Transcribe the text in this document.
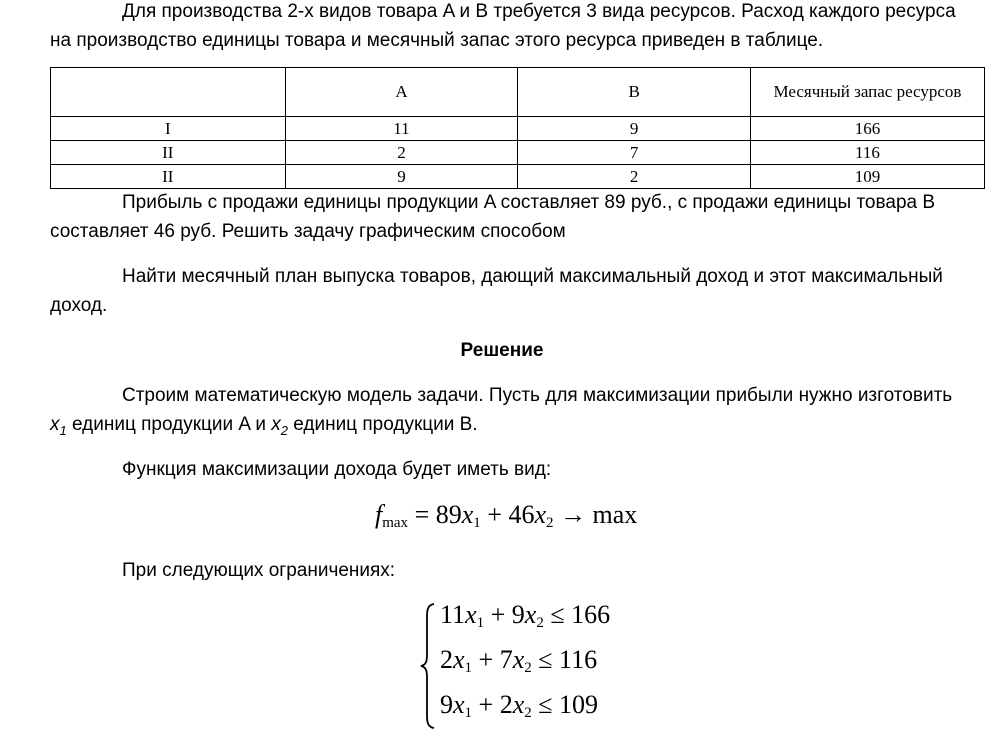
Для производства 2-х видов товара A и B требуется 3 вида ресурсов. Расход каждого ресурса на производство единицы товара и месячный запас этого ресурса приведен в таблице.

	A	B	Месячный запас ресурсов
I	11	9	166
II	2	7	116
II	9	2	109

Прибыль с продажи единицы продукции A составляет 89 руб., с продажи единицы товара B составляет 46 руб. Решить задачу графическим способом

Найти месячный план выпуска товаров, дающий максимальный доход и этот максимальный доход.

Решение

Строим математическую модель задачи. Пусть для максимизации прибыли нужно изготовить $x_1$ единиц продукции A и $x_2$ единиц продукции B.

Функция максимизации дохода будет иметь вид:

$f_{max} = 89x_1 + 46x_2 \to \max$

При следующих ограничениях:

$11x_1 + 9x_2 \le 166$
$2x_1 + 7x_2 \le 116$
$9x_1 + 2x_2 \le 109$
